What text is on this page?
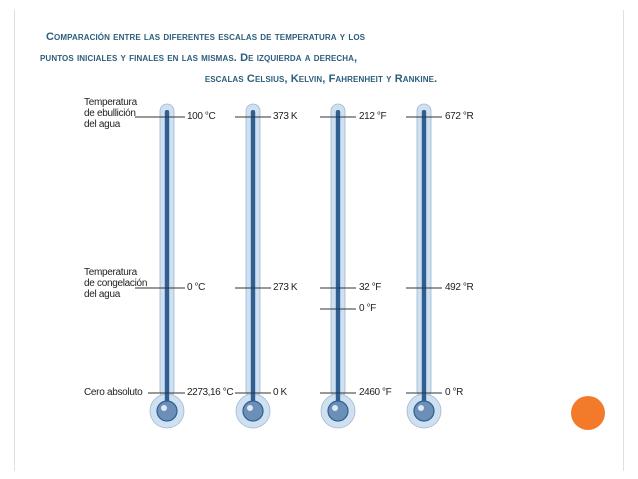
Comparación entre las diferentes escalas de temperatura y los
puntos iniciales y finales en las mismas. De izquierda a derecha,
escalas Celsius, Kelvin, Fahrenheit y Rankine.
Temperatura
de ebullición
del agua
Temperatura
de congelación
del agua
Cero absoluto
100 °C
0 °C
2273,16 °C
373 K
273 K
0 K
212 °F
32 °F
0 °F
2460 °F
672 °R
492 °R
0 °R
